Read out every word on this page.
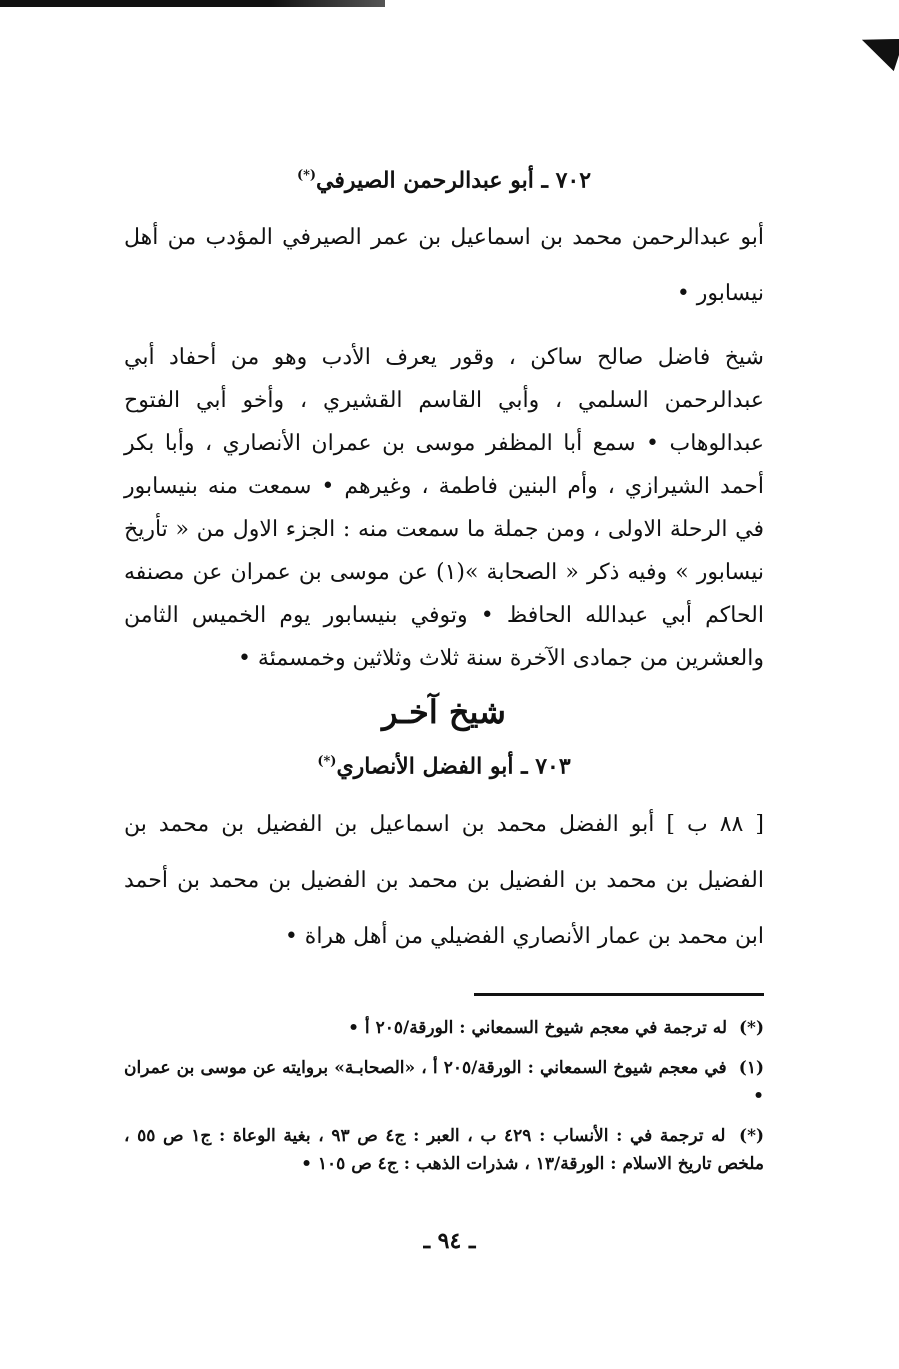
٧٠٢ ـ أبو عبدالرحمن الصيرفي(*)

أبو عبدالرحمن محمد بن اسماعيل بن عمر الصيرفي المؤدب من أهل نيسابور •

شيخ فاضل صالح ساكن ، وقور يعرف الأدب وهو من أحفاد أبي عبدالرحمن السلمي ، وأبي القاسم القشيري ، وأخو أبي الفتوح عبدالوهاب • سمع أبا المظفر موسى بن عمران الأنصاري ، وأبا بكر أحمد الشيرازي ، وأم البنين فاطمة ، وغيرهم • سمعت منه بنيسابور في الرحلة الاولى ، ومن جملة ما سمعت منه : الجزء الاول من « تأريخ نيسابور » وفيه ذكر « الصحابة »(١) عن موسى بن عمران عن مصنفه الحاكم أبي عبدالله الحافظ • وتوفي بنيسابور يوم الخميس الثامن والعشرين من جمادى الآخرة سنة ثلاث وثلاثين وخمسمئة •

شيخ آخـر
٧٠٣ ـ أبو الفضل الأنصاري(*)

[ ٨٨ ب ] أبو الفضل محمد بن اسماعيل بن الفضيل بن محمد بن الفضيل بن محمد بن الفضيل بن محمد بن الفضيل بن محمد بن أحمد ابن محمد بن عمار الأنصاري الفضيلي من أهل هراة •

(*) له ترجمة في معجم شيوخ السمعاني : الورقة/٢٠٥ أ •

(١) في معجم شيوخ السمعاني : الورقة/٢٠٥ أ ، «الصحابـة» بروايته عن موسى بن عمران •

(*) له ترجمة في : الأنساب : ٤٢٩ ب ، العبر : ج٤ ص ٩٣ ، بغية الوعاة : ج١ ص ٥٥ ، ملخص تاريخ الاسلام : الورقة/١٣ ، شذرات الذهب : ج٤ ص ١٠٥ •

ـ ٩٤ ـ
